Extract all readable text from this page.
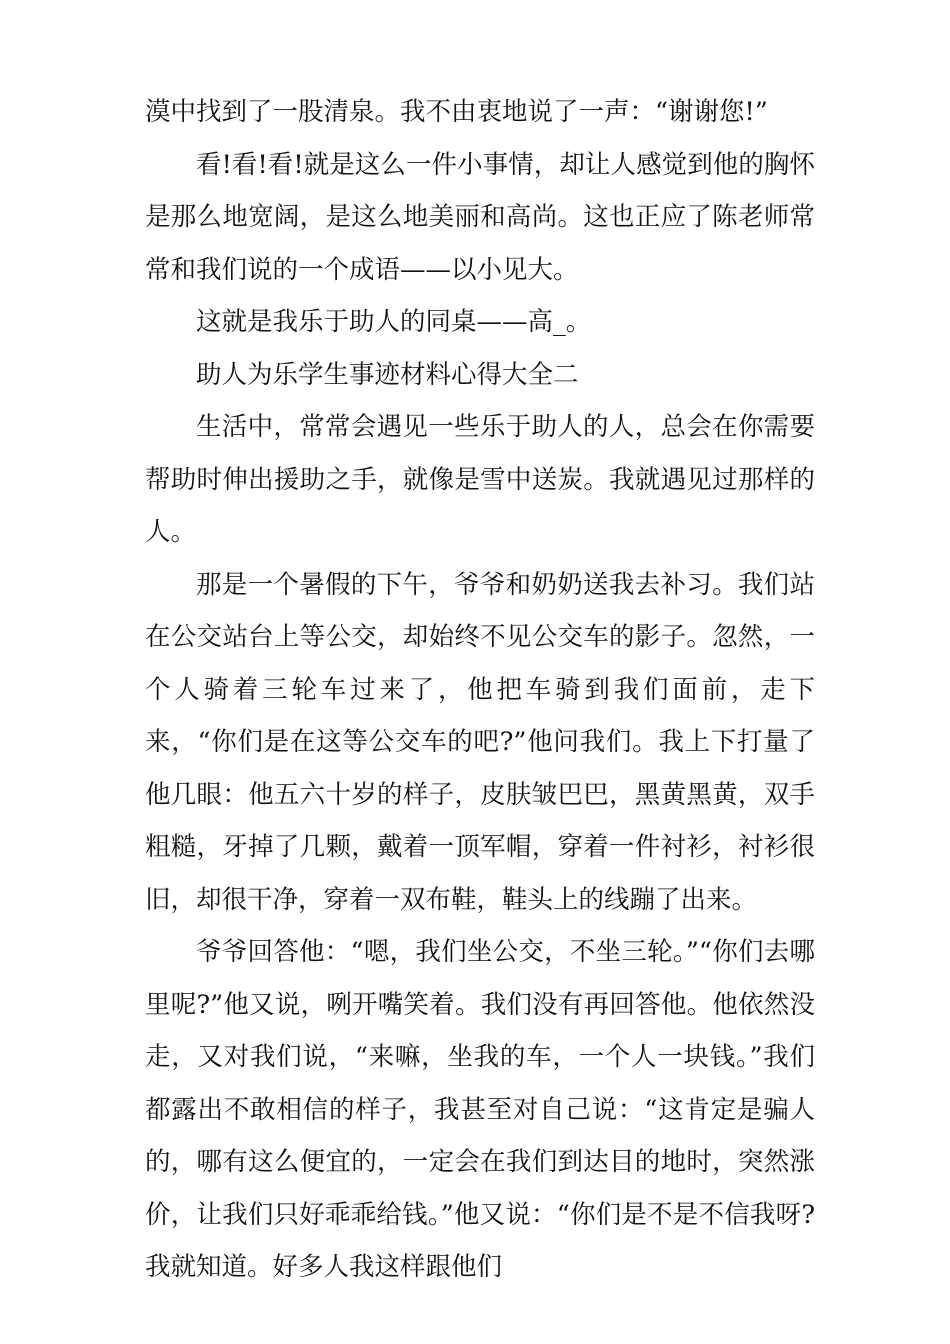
漠中找到了一股清泉。我不由衷地说了一声：“谢谢您!”

看!看!看!就是这么一件小事情，却让人感觉到他的胸怀是那么地宽阔，是这么地美丽和高尚。这也正应了陈老师常常和我们说的一个成语——以小见大。

这就是我乐于助人的同桌——高_。

助人为乐学生事迹材料心得大全二

生活中，常常会遇见一些乐于助人的人，总会在你需要帮助时伸出援助之手，就像是雪中送炭。我就遇见过那样的人。

那是一个暑假的下午，爷爷和奶奶送我去补习。我们站在公交站台上等公交，却始终不见公交车的影子。忽然，一个人骑着三轮车过来了，他把车骑到我们面前，走下来，“你们是在这等公交车的吧?”他问我们。我上下打量了他几眼：他五六十岁的样子，皮肤皱巴巴，黑黄黑黄，双手粗糙，牙掉了几颗，戴着一顶军帽，穿着一件衬衫，衬衫很旧，却很干净，穿着一双布鞋，鞋头上的线蹦了出来。

爷爷回答他：“嗯，我们坐公交，不坐三轮。”“你们去哪里呢?”他又说，咧开嘴笑着。我们没有再回答他。他依然没走，又对我们说，“来嘛，坐我的车，一个人一块钱。”我们都露出不敢相信的样子，我甚至对自己说：“这肯定是骗人的，哪有这么便宜的，一定会在我们到达目的地时，突然涨价，让我们只好乖乖给钱。”他又说：“你们是不是不信我呀?我就知道。好多人我这样跟他们
